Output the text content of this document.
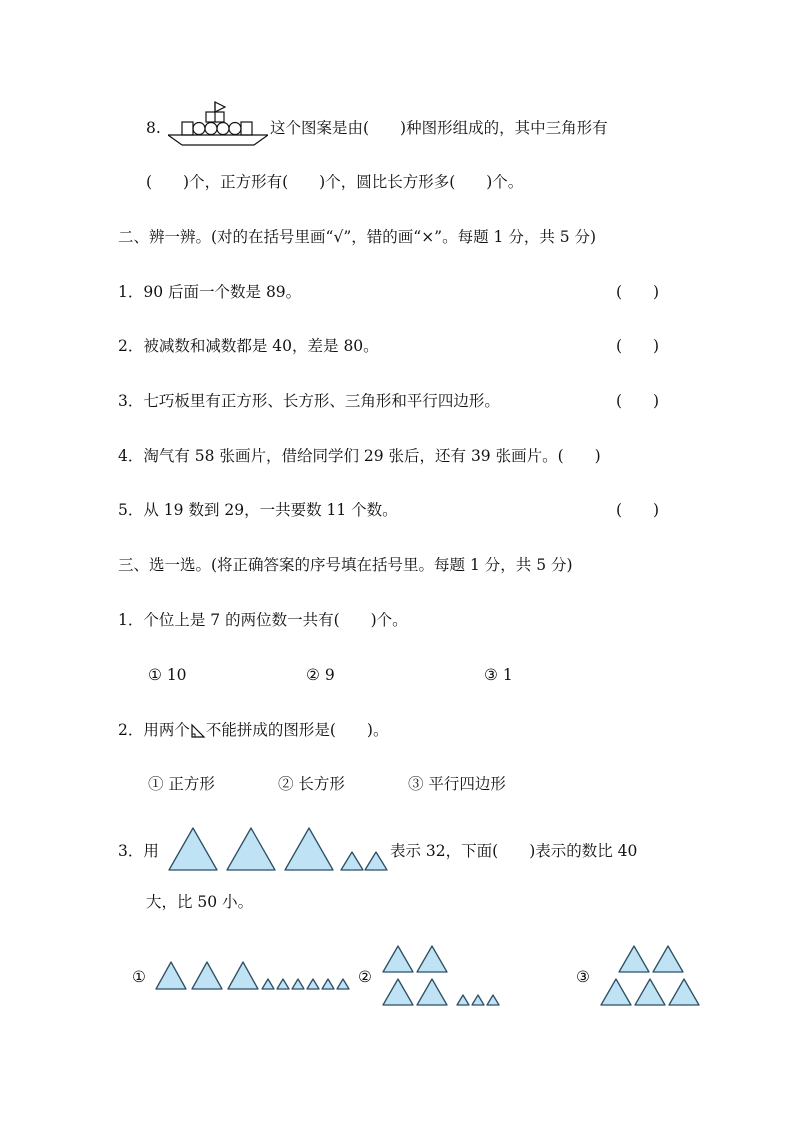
8.	这个图案是由(　　)种图形组成的，其中三角形有
(　　)个，正方形有(　　)个，圆比长方形多(　　)个。
二、辨一辨。(对的在括号里画“√”，错的画“×”。每题 1 分，共 5 分)
1．90 后面一个数是 89。	(　　)
2．被减数和减数都是 40，差是 80。	(　　)
3．七巧板里有正方形、长方形、三角形和平行四边形。	(　　)
4．淘气有 58 张画片，借给同学们 29 张后，还有 39 张画片。(　　)
5．从 19 数到 29，一共要数 11 个数。	(　　)
三、选一选。(将正确答案的序号填在括号里。每题 1 分，共 5 分)
1．个位上是 7 的两位数一共有(　　)个。
① 10	② 9	③ 1
2．用两个 不能拼成的图形是(　　)。
① 正方形	② 长方形	③ 平行四边形
3．用	表示 32，下面(　　)表示的数比 40
大，比 50 小。
①	②	③
